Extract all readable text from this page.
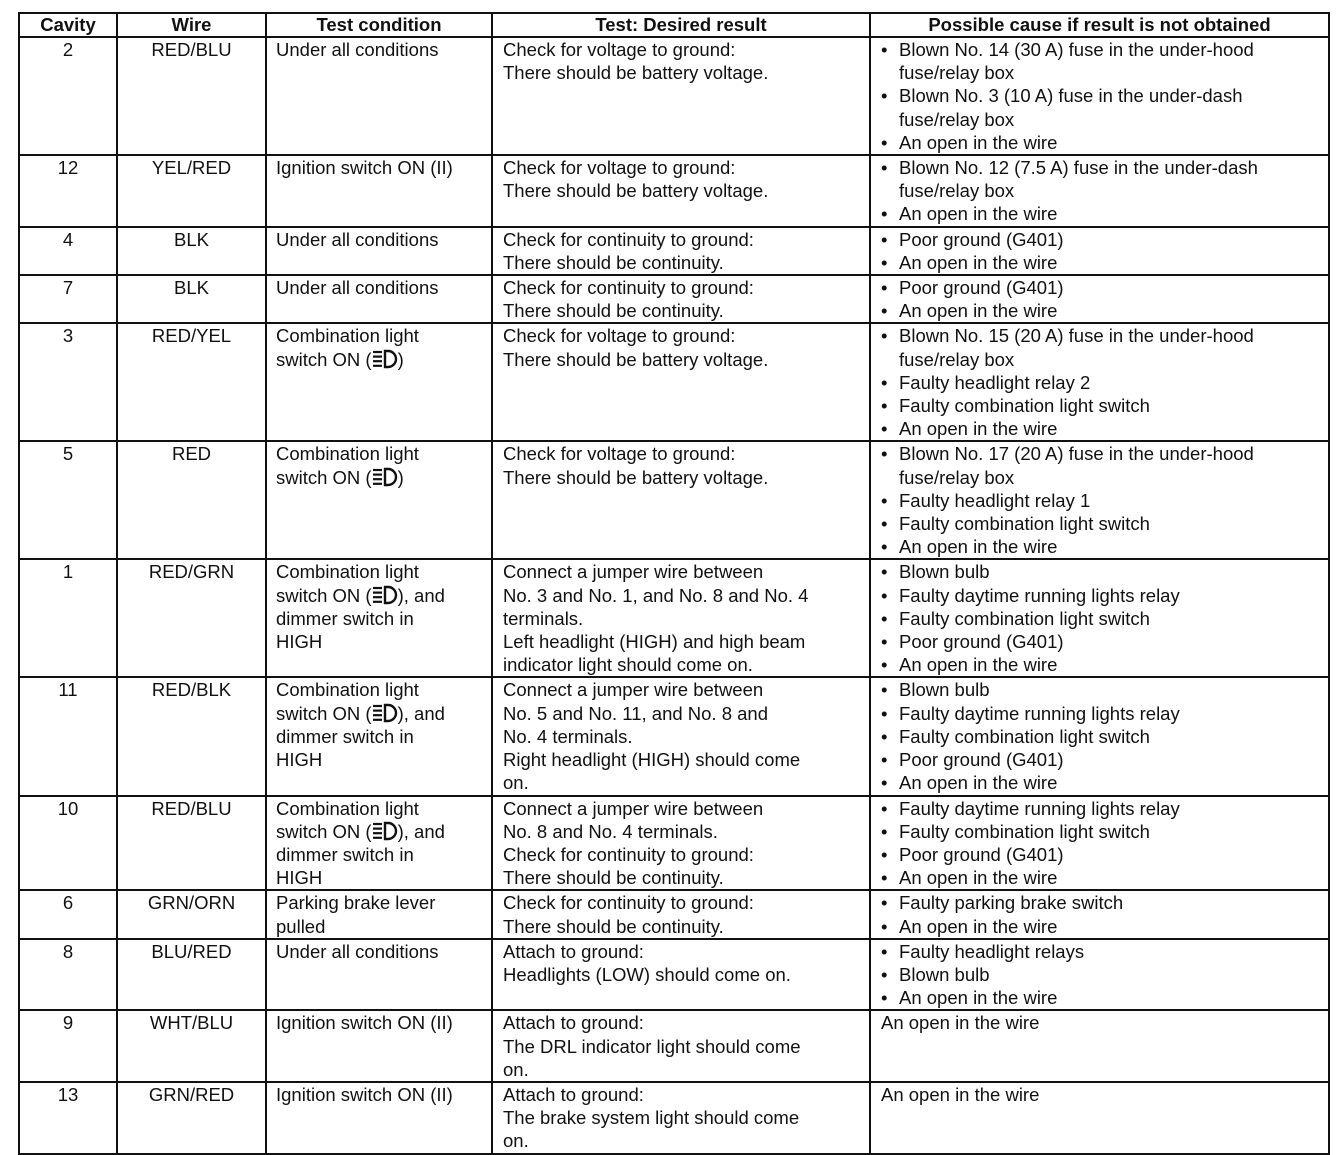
Cavity	Wire	Test condition	Test: Desired result	Possible cause if result is not obtained
2	RED/BLU	Under all conditions	Check for voltage to ground:
There should be battery voltage.	• Blown No. 14 (30 A) fuse in the under-hood
fuse/relay box
• Blown No. 3 (10 A) fuse in the under-dash
fuse/relay box
• An open in the wire

12	YEL/RED	Ignition switch ON (II)	Check for voltage to ground:
There should be battery voltage.	• Blown No. 12 (7.5 A) fuse in the under-dash
fuse/relay box
• An open in the wire

4	BLK	Under all conditions	Check for continuity to ground:
There should be continuity.	• Poor ground (G401)
• An open in the wire

7	BLK	Under all conditions	Check for continuity to ground:
There should be continuity.	• Poor ground (G401)
• An open in the wire

3	RED/YEL	Combination light
switch ON ( )	Check for voltage to ground:
There should be battery voltage.	• Blown No. 15 (20 A) fuse in the under-hood
fuse/relay box
• Faulty headlight relay 2
• Faulty combination light switch
• An open in the wire

5	RED	Combination light
switch ON ( )	Check for voltage to ground:
There should be battery voltage.	• Blown No. 17 (20 A) fuse in the under-hood
fuse/relay box
• Faulty headlight relay 1
• Faulty combination light switch
• An open in the wire

1	RED/GRN	Combination light
switch ON ( ), and
dimmer switch in
HIGH	Connect a jumper wire between
No. 3 and No. 1, and No. 8 and No. 4
terminals.
Left headlight (HIGH) and high beam
indicator light should come on.	• Blown bulb
• Faulty daytime running lights relay
• Faulty combination light switch
• Poor ground (G401)
• An open in the wire

11	RED/BLK	Combination light
switch ON ( ), and
dimmer switch in
HIGH	Connect a jumper wire between
No. 5 and No. 11, and No. 8 and
No. 4 terminals.
Right headlight (HIGH) should come
on.	• Blown bulb
• Faulty daytime running lights relay
• Faulty combination light switch
• Poor ground (G401)
• An open in the wire

10	RED/BLU	Combination light
switch ON ( ), and
dimmer switch in
HIGH	Connect a jumper wire between
No. 8 and No. 4 terminals.
Check for continuity to ground:
There should be continuity.	• Faulty daytime running lights relay
• Faulty combination light switch
• Poor ground (G401)
• An open in the wire

6	GRN/ORN	Parking brake lever
pulled	Check for continuity to ground:
There should be continuity.	• Faulty parking brake switch
• An open in the wire

8	BLU/RED	Under all conditions	Attach to ground:
Headlights (LOW) should come on.	• Faulty headlight relays
• Blown bulb
• An open in the wire

9	WHT/BLU	Ignition switch ON (II)	Attach to ground:
The DRL indicator light should come
on.	An open in the wire

13	GRN/RED	Ignition switch ON (II)	Attach to ground:
The brake system light should come
on.	An open in the wire
